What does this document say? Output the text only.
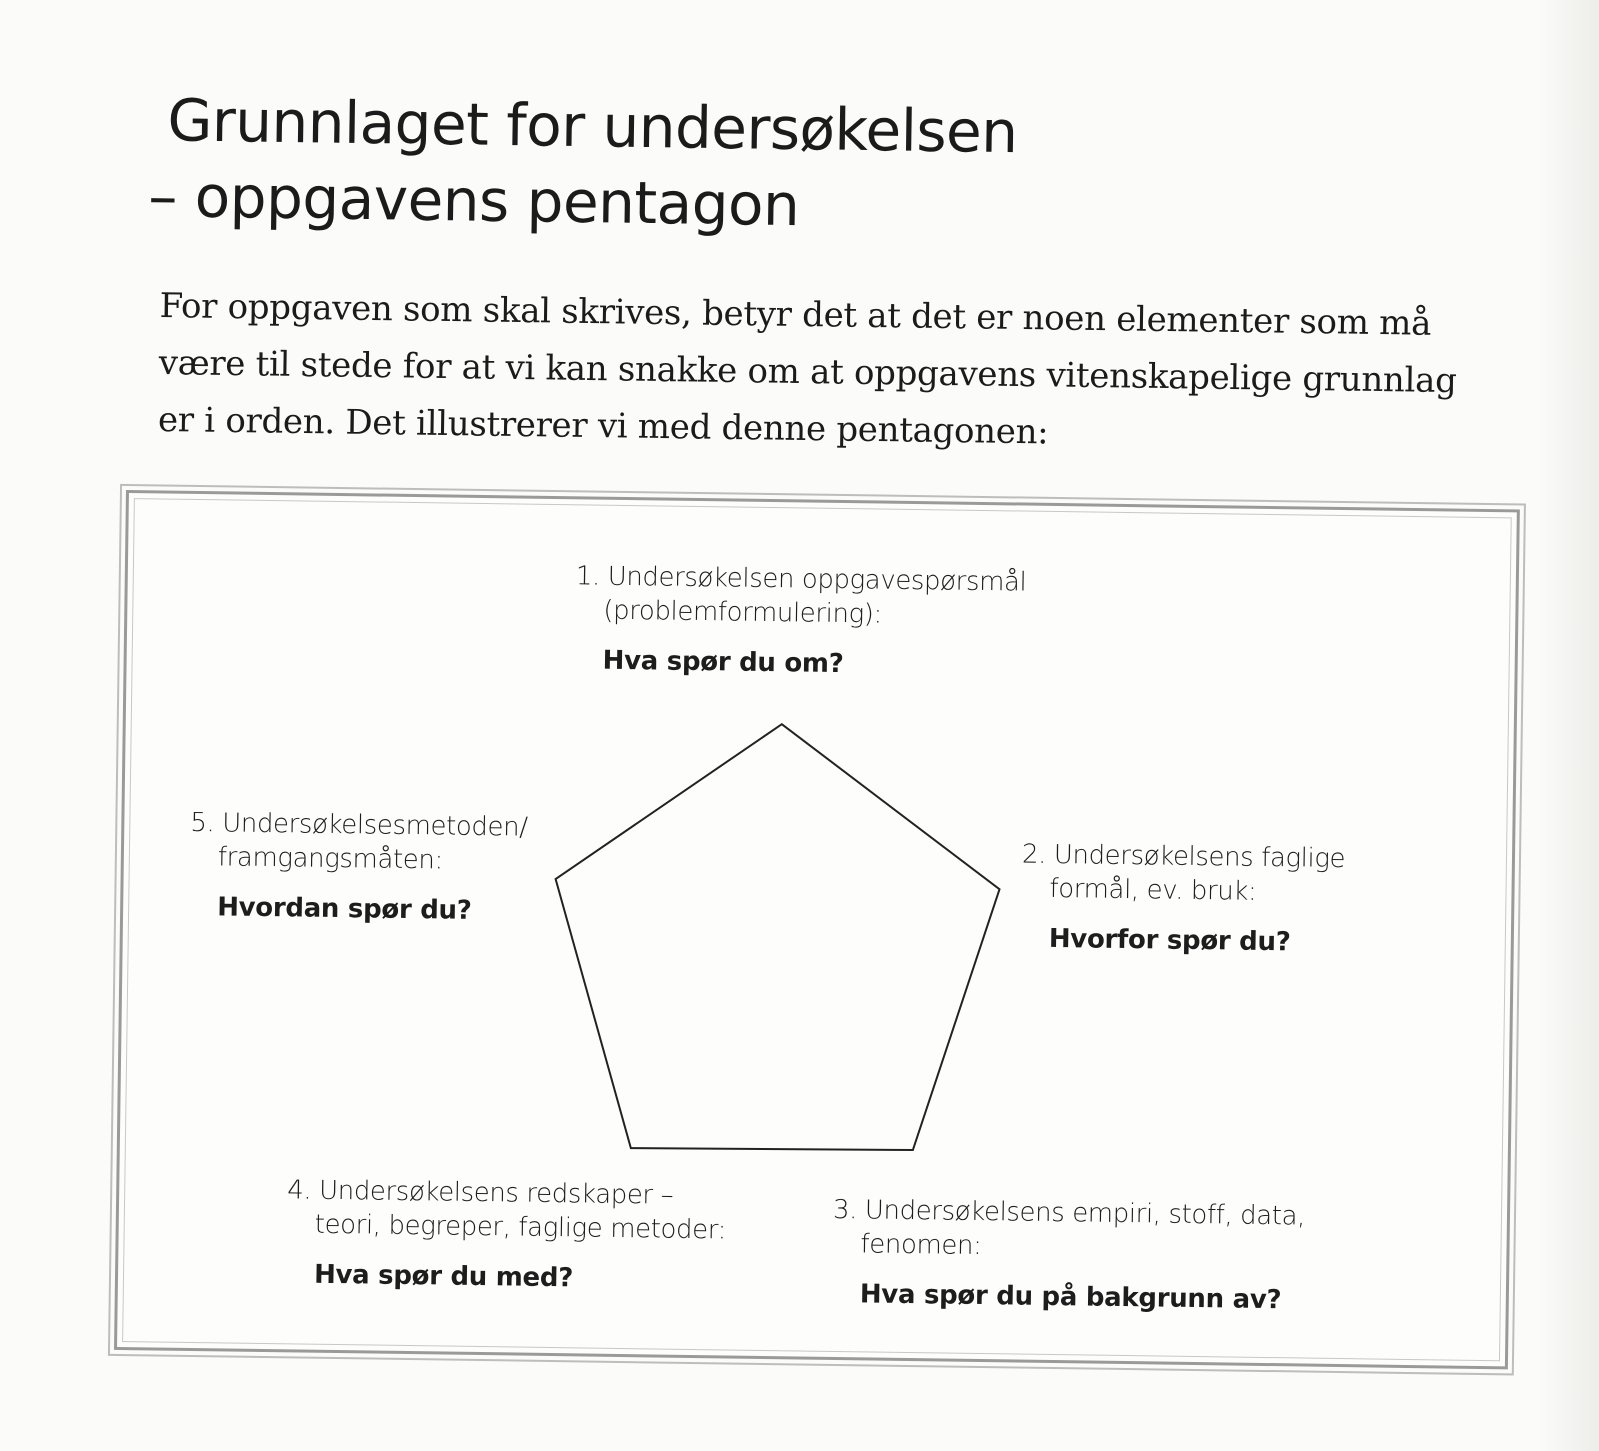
Grunnlaget for undersøkelsen
– oppgavens pentagon

For oppgaven som skal skrives, betyr det at det er noen elementer som må
være til stede for at vi kan snakke om at oppgavens vitenskapelige grunnlag
er i orden. Det illustrerer vi med denne pentagonen:

1. Undersøkelsen oppgavespørsmål
(problemformulering):
Hva spør du om?
2. Undersøkelsens faglige
formål, ev. bruk:
Hvorfor spør du?
3. Undersøkelsens empiri, stoff, data,
fenomen:
Hva spør du på bakgrunn av?
4. Undersøkelsens redskaper –
teori, begreper, faglige metoder:
Hva spør du med?
5. Undersøkelsesmetoden/
framgangsmåten:
Hvordan spør du?
